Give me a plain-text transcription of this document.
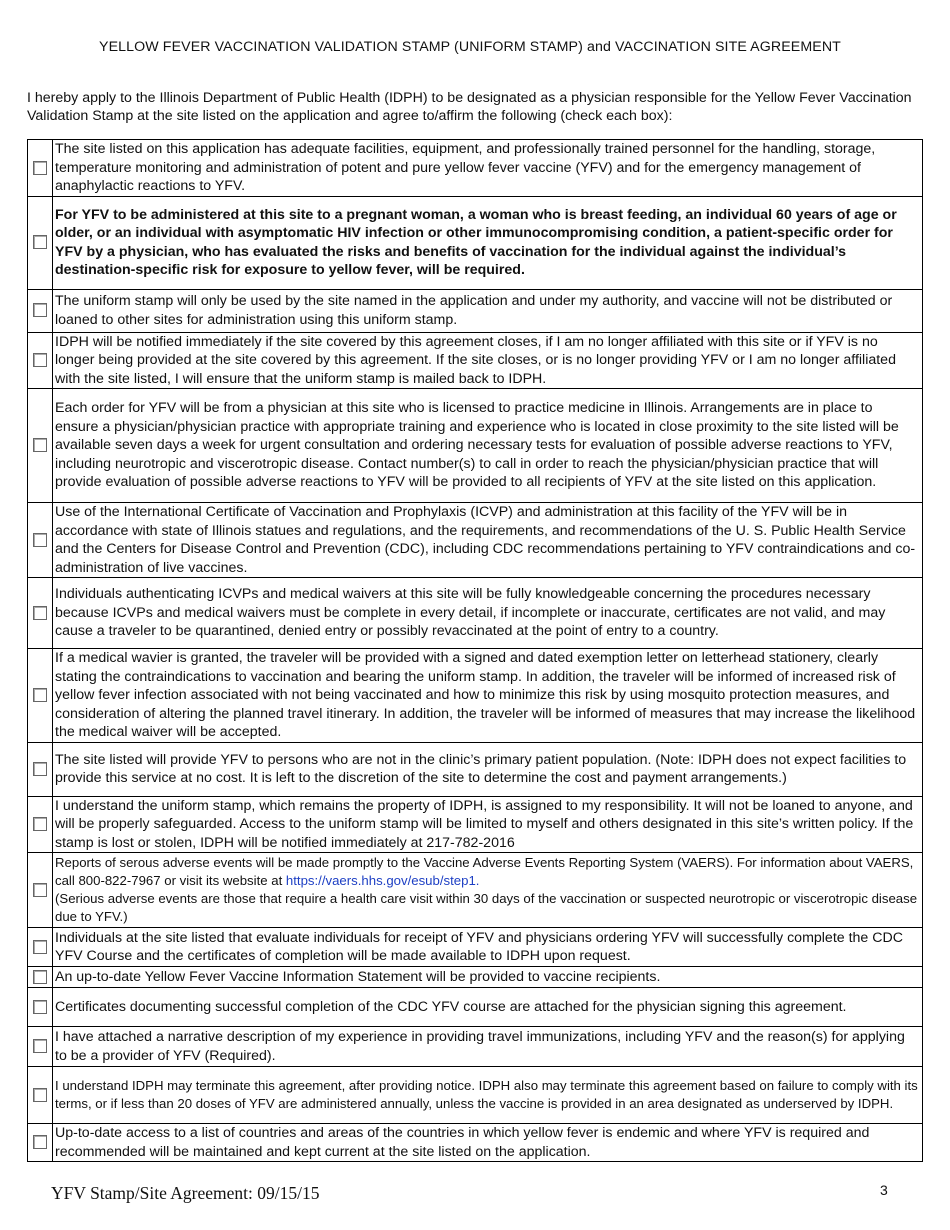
YELLOW FEVER VACCINATION VALIDATION STAMP (UNIFORM STAMP) and VACCINATION SITE AGREEMENT
I hereby apply to the Illinois Department of Public Health (IDPH) to be designated as a physician responsible for the Yellow Fever Vaccination Validation Stamp at the site listed on the application and agree to/affirm the following (check each box):
	The site listed on this application has adequate facilities, equipment, and professionally trained personnel for the handling, storage, temperature monitoring and administration of potent and pure yellow fever vaccine (YFV) and for the emergency management of anaphylactic reactions to YFV.
	For YFV to be administered at this site to a pregnant woman, a woman who is breast feeding, an individual 60 years of age or older, or an individual with asymptomatic HIV infection or other immunocompromising condition, a patient-specific order for YFV by a physician, who has evaluated the risks and benefits of vaccination for the individual against the individual’s destination-specific risk for exposure to yellow fever, will be required.
	The uniform stamp will only be used by the site named in the application and under my authority, and vaccine will not be distributed or loaned to other sites for administration using this uniform stamp.
	IDPH will be notified immediately if the site covered by this agreement closes, if I am no longer affiliated with this site or if YFV is no longer being provided at the site covered by this agreement. If the site closes, or is no longer providing YFV or I am no longer affiliated with the site listed, I will ensure that the uniform stamp is mailed back to IDPH.
	Each order for YFV will be from a physician at this site who is licensed to practice medicine in Illinois. Arrangements are in place to ensure a physician/physician practice with appropriate training and experience who is located in close proximity to the site listed will be available seven days a week for urgent consultation and ordering necessary tests for evaluation of possible adverse reactions to YFV, including neurotropic and viscerotropic disease. Contact number(s) to call in order to reach the physician/physician practice that will provide evaluation of possible adverse reactions to YFV will be provided to all recipients of YFV at the site listed on this application.
	Use of the International Certificate of Vaccination and Prophylaxis (ICVP) and administration at this facility of the YFV will be in accordance with state of Illinois statues and regulations, and the requirements, and recommendations of the U. S. Public Health Service and the Centers for Disease Control and Prevention (CDC), including CDC recommendations pertaining to YFV contraindications and co-administration of live vaccines.
	Individuals authenticating ICVPs and medical waivers at this site will be fully knowledgeable concerning the procedures necessary because ICVPs and medical waivers must be complete in every detail, if incomplete or inaccurate, certificates are not valid, and may cause a traveler to be quarantined, denied entry or possibly revaccinated at the point of entry to a country.
	If a medical wavier is granted, the traveler will be provided with a signed and dated exemption letter on letterhead stationery, clearly stating the contraindications to vaccination and bearing the uniform stamp. In addition, the traveler will be informed of increased risk of yellow fever infection associated with not being vaccinated and how to minimize this risk by using mosquito protection measures, and consideration of altering the planned travel itinerary. In addition, the traveler will be informed of measures that may increase the likelihood the medical waiver will be accepted.
	The site listed will provide YFV to persons who are not in the clinic’s primary patient population. (Note: IDPH does not expect facilities to provide this service at no cost. It is left to the discretion of the site to determine the cost and payment arrangements.)
	I understand the uniform stamp, which remains the property of IDPH, is assigned to my responsibility. It will not be loaned to anyone, and will be properly safeguarded. Access to the uniform stamp will be limited to myself and others designated in this site’s written policy. If the stamp is lost or stolen, IDPH will be notified immediately at 217-782-2016
	Reports of serous adverse events will be made promptly to the Vaccine Adverse Events Reporting System (VAERS). For information about VAERS, call 800-822-7967 or visit its website at https://vaers.hhs.gov/esub/step1.
(Serious adverse events are those that require a health care visit within 30 days of the vaccination or suspected neurotropic or viscerotropic disease due to YFV.)
	Individuals at the site listed that evaluate individuals for receipt of YFV and physicians ordering YFV will successfully complete the CDC YFV Course and the certificates of completion will be made available to IDPH upon request.
	An up-to-date Yellow Fever Vaccine Information Statement will be provided to vaccine recipients.
	Certificates documenting successful completion of the CDC YFV course are attached for the physician signing this agreement.
	I have attached a narrative description of my experience in providing travel immunizations, including YFV and the reason(s) for applying to be a provider of YFV (Required).
	I understand IDPH may terminate this agreement, after providing notice. IDPH also may terminate this agreement based on failure to comply with its terms, or if less than 20 doses of YFV are administered annually, unless the vaccine is provided in an area designated as underserved by IDPH.
	Up-to-date access to a list of countries and areas of the countries in which yellow fever is endemic and where YFV is required and recommended will be maintained and kept current at the site listed on the application.
YFV Stamp/Site Agreement: 09/15/15	3
